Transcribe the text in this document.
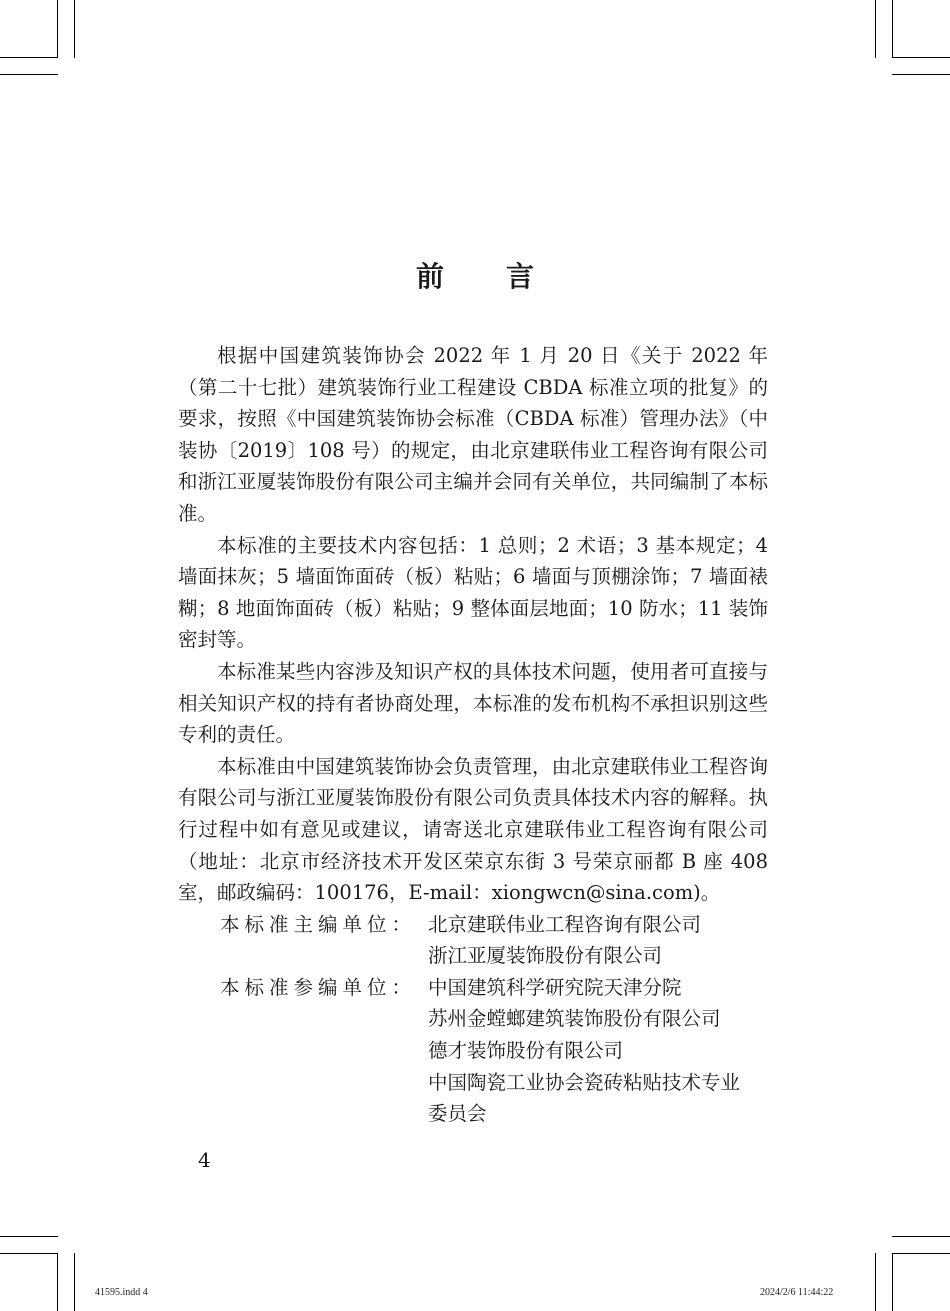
前 言

根据中国建筑装饰协会 2022 年 1 月 20 日《关于 2022 年（第二十七批）建筑装饰行业工程建设 CBDA 标准立项的批复》的要求，按照《中国建筑装饰协会标准（CBDA 标准）管理办法》（中装协〔2019〕108 号）的规定，由北京建联伟业工程咨询有限公司和浙江亚厦装饰股份有限公司主编并会同有关单位，共同编制了本标准。

本标准的主要技术内容包括：1 总则；2 术语；3 基本规定；4 墙面抹灰；5 墙面饰面砖（板）粘贴；6 墙面与顶棚涂饰；7 墙面裱糊；8 地面饰面砖（板）粘贴；9 整体面层地面；10 防水；11 装饰密封等。

本标准某些内容涉及知识产权的具体技术问题，使用者可直接与相关知识产权的持有者协商处理，本标准的发布机构不承担识别这些专利的责任。

本标准由中国建筑装饰协会负责管理，由北京建联伟业工程咨询有限公司与浙江亚厦装饰股份有限公司负责具体技术内容的解释。执行过程中如有意见或建议，请寄送北京建联伟业工程咨询有限公司（地址：北京市经济技术开发区荣京东街 3 号荣京丽都 B 座 408 室，邮政编码：100176，E-mail：xiongwcn@sina.com)。

本标准主编单位： 北京建联伟业工程咨询有限公司
浙江亚厦装饰股份有限公司
本标准参编单位： 中国建筑科学研究院天津分院
苏州金螳螂建筑装饰股份有限公司
德才装饰股份有限公司
中国陶瓷工业协会瓷砖粘贴技术专业
委员会
4
41595.indd 4	2024/2/6 11:44:22
